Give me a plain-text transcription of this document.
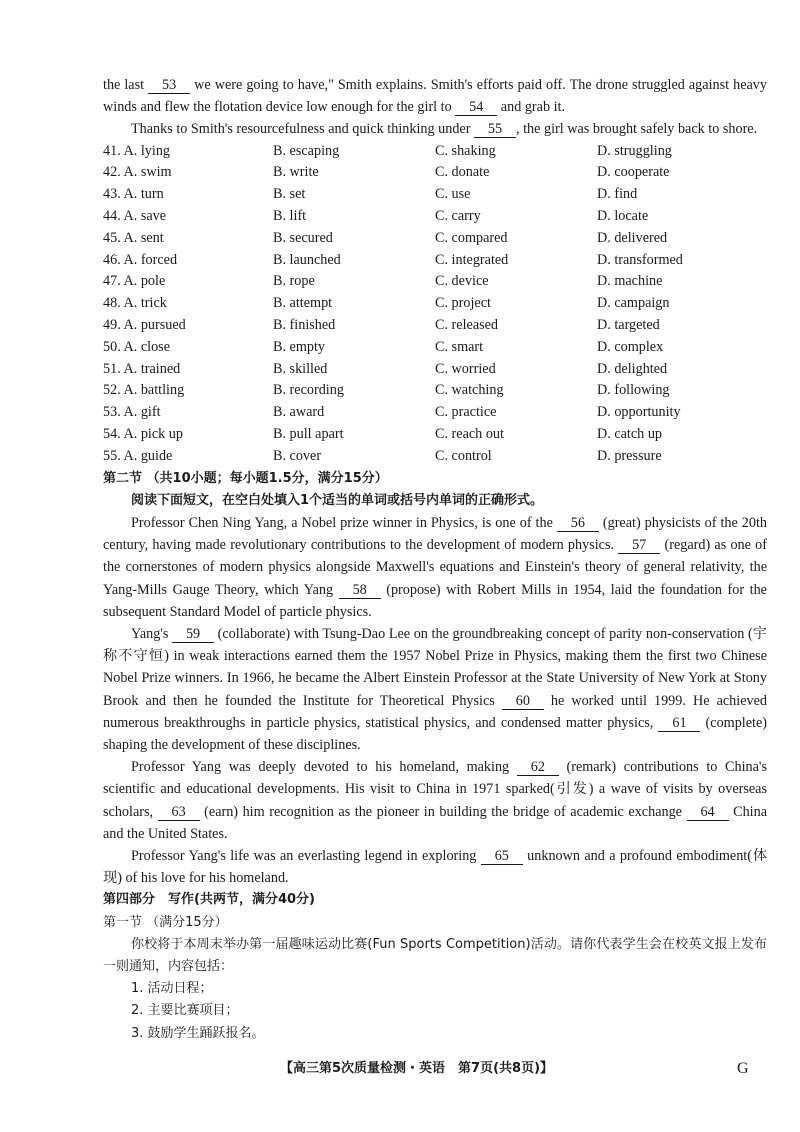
the last 53 we were going to have," Smith explains. Smith's efforts paid off. The drone struggled against heavy winds and flew the flotation device low enough for the girl to 54 and grab it.

Thanks to Smith's resourcefulness and quick thinking under 55 , the girl was brought safely back to shore.

41. A. lying	B. escaping	C. shaking	D. struggling
42. A. swim	B. write	C. donate	D. cooperate
43. A. turn	B. set	C. use	D. find
44. A. save	B. lift	C. carry	D. locate
45. A. sent	B. secured	C. compared	D. delivered
46. A. forced	B. launched	C. integrated	D. transformed
47. A. pole	B. rope	C. device	D. machine
48. A. trick	B. attempt	C. project	D. campaign
49. A. pursued	B. finished	C. released	D. targeted
50. A. close	B. empty	C. smart	D. complex
51. A. trained	B. skilled	C. worried	D. delighted
52. A. battling	B. recording	C. watching	D. following
53. A. gift	B. award	C. practice	D. opportunity
54. A. pick up	B. pull apart	C. reach out	D. catch up
55. A. guide	B. cover	C. control	D. pressure

第二节 （共10小题；每小题1.5分，满分15分）

阅读下面短文，在空白处填入1个适当的单词或括号内单词的正确形式。

Professor Chen Ning Yang, a Nobel prize winner in Physics, is one of the 56 (great) physicists of the 20th century, having made revolutionary contributions to the development of modern physics. 57 (regard) as one of the cornerstones of modern physics alongside Maxwell's equations and Einstein's theory of general relativity, the Yang-Mills Gauge Theory, which Yang 58 (propose) with Robert Mills in 1954, laid the foundation for the subsequent Standard Model of particle physics.

Yang's 59 (collaborate) with Tsung-Dao Lee on the groundbreaking concept of parity non-conservation (宇称不守恒) in weak interactions earned them the 1957 Nobel Prize in Physics, making them the first two Chinese Nobel Prize winners. In 1966, he became the Albert Einstein Professor at the State University of New York at Stony Brook and then he founded the Institute for Theoretical Physics 60 he worked until 1999. He achieved numerous breakthroughs in particle physics, statistical physics, and condensed matter physics, 61 (complete) shaping the development of these disciplines.

Professor Yang was deeply devoted to his homeland, making 62 (remark) contributions to China's scientific and educational developments. His visit to China in 1971 sparked(引发) a wave of visits by overseas scholars, 63 (earn) him recognition as the pioneer in building the bridge of academic exchange 64 China and the United States.

Professor Yang's life was an everlasting legend in exploring 65 unknown and a profound embodiment(体现) of his love for his homeland.

第四部分　写作(共两节，满分40分)

第一节 （满分15分）

你校将于本周末举办第一届趣味运动比赛(Fun Sports Competition)活动。请你代表学生会在校英文报上发布一则通知，内容包括：

1. 活动日程；

2. 主要比赛项目；

3. 鼓励学生踊跃报名。

【高三第5次质量检测・英语　第7页(共8页)】	G
